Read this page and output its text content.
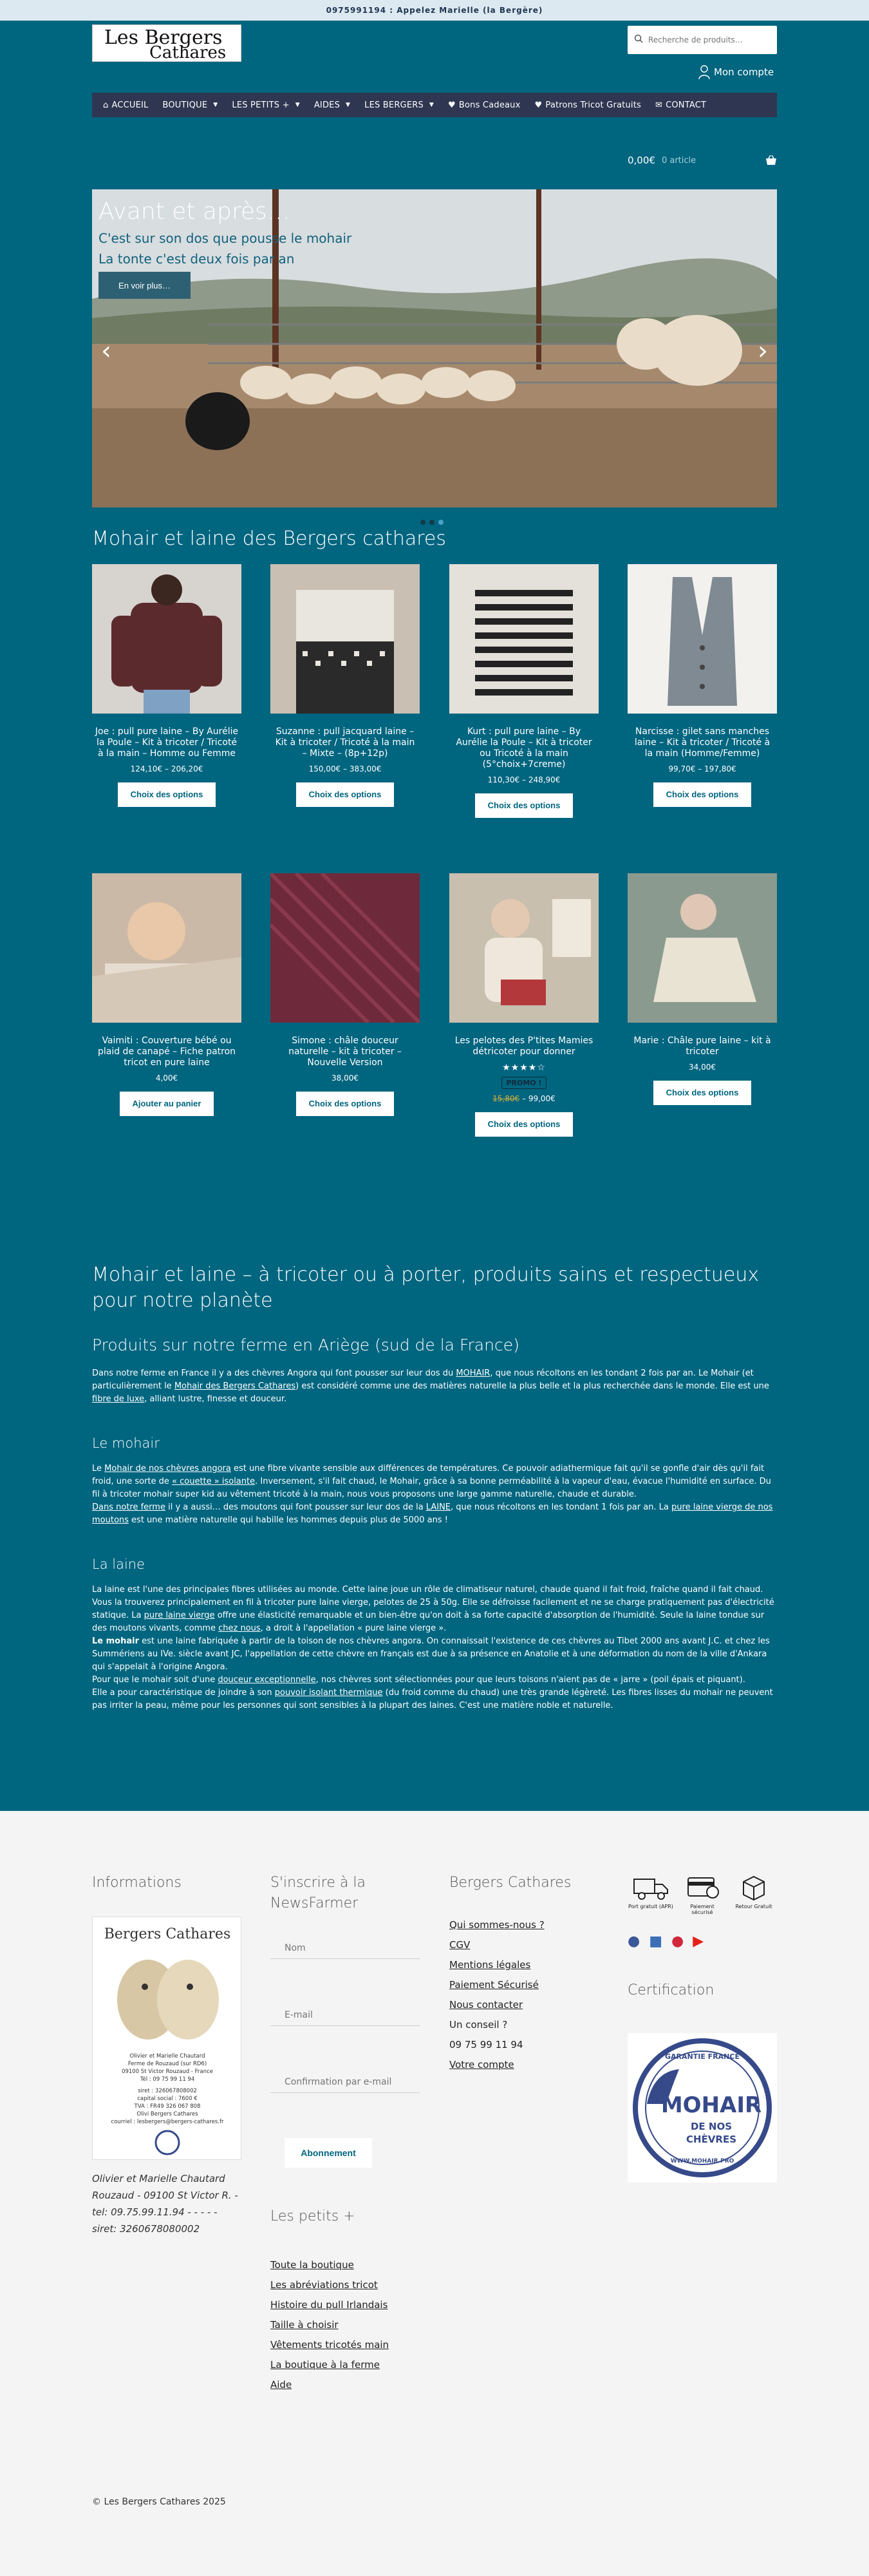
0975991194 : Appelez Marielle (la Bergère)
Les Bergers
Cathares
Recherche de produits…
Mon compte
⌂ ACCUEIL BOUTIQUE ▼ LES PETITS + ▼ AIDES ▼ LES BERGERS ▼ ♥ Bons Cadeaux ♥ Patrons Tricot Gratuits ✉ CONTACT
0,00€ 0 article
Avant et après…
C'est sur son dos que pousse le mohair
La tonte c'est deux fois par an
En voir plus…
‹	›
Mohair et laine des Bergers cathares
Joe : pull pure laine – By Aurélie la Poule – Kit à tricoter / Tricoté à la main – Homme ou Femme
124,10€ – 206,20€
Choix des options
Suzanne : pull jacquard laine – Kit à tricoter / Tricoté à la main – Mixte – (8p+12p)
150,00€ – 383,00€
Choix des options
Kurt : pull pure laine – By Aurélie la Poule – Kit à tricoter ou Tricoté à la main (5°choix+7creme)
110,30€ – 248,90€
Choix des options
Narcisse : gilet sans manches laine – Kit à tricoter / Tricoté à la main (Homme/Femme)
99,70€ – 197,80€
Choix des options
Vaimiti : Couverture bébé ou plaid de canapé – Fiche patron tricot en pure laine
4,00€
Ajouter au panier
Simone : châle douceur naturelle – kit à tricoter – Nouvelle Version
38,00€
Choix des options
Les pelotes des P'tites Mamies détricoter pour donner
★★★★☆
PROMO !
15,80€ – 99,00€
Choix des options
Marie : Châle pure laine – kit à tricoter
34,00€
Choix des options
Mohair et laine – à tricoter ou à porter, produits sains et respectueux pour notre planète
Produits sur notre ferme en Ariège (sud de la France)

Dans notre ferme en France il y a des chèvres Angora qui font pousser sur leur dos du MOHAIR, que nous récoltons en les tondant 2 fois par an. Le Mohair (et particulièrement le Mohair des Bergers Cathares) est considéré comme une des matières naturelle la plus belle et la plus recherchée dans le monde. Elle est une fibre de luxe, alliant lustre, finesse et douceur.

Le mohair

Le Mohair de nos chèvres angora est une fibre vivante sensible aux différences de températures. Ce pouvoir adiathermique fait qu'il se gonfle d'air dès qu'il fait froid, une sorte de « couette » isolante. Inversement, s'il fait chaud, le Mohair, grâce à sa bonne perméabilité à la vapeur d'eau, évacue l'humidité en surface. Du fil à tricoter mohair super kid au vêtement tricoté à la main, nous vous proposons une large gamme naturelle, chaude et durable.

Dans notre ferme il y a aussi… des moutons qui font pousser sur leur dos de la LAINE, que nous récoltons en les tondant 1 fois par an. La pure laine vierge de nos moutons est une matière naturelle qui habille les hommes depuis plus de 5000 ans !

La laine

La laine est l'une des principales fibres utilisées au monde. Cette laine joue un rôle de climatiseur naturel, chaude quand il fait froid, fraîche quand il fait chaud. Vous la trouverez principalement en fil à tricoter pure laine vierge, pelotes de 25 à 50g. Elle se défroisse facilement et ne se charge pratiquement pas d'électricité statique. La pure laine vierge offre une élasticité remarquable et un bien-être qu'on doit à sa forte capacité d'absorption de l'humidité. Seule la laine tondue sur des moutons vivants, comme chez nous, a droit à l'appellation « pure laine vierge ».

Le mohair est une laine fabriquée à partir de la toison de nos chèvres angora. On connaissait l'existence de ces chèvres au Tibet 2000 ans avant J.C. et chez les Summériens au IVe. siècle avant JC, l'appellation de cette chèvre en français est due à sa présence en Anatolie et à une déformation du nom de la ville d'Ankara qui s'appelait à l'origine Angora.

Pour que le mohair soit d'une douceur exceptionnelle, nos chèvres sont sélectionnées pour que leurs toisons n'aient pas de « jarre » (poil épais et piquant).

Elle a pour caractéristique de joindre à son pouvoir isolant thermique (du froid comme du chaud) une très grande légèreté. Les fibres lisses du mohair ne peuvent pas irriter la peau, même pour les personnes qui sont sensibles à la plupart des laines. C'est une matière noble et naturelle.

Informations
Bergers Cathares
Olivier et Marielle Chautard
Ferme de Rouzaud (sur RD6)
09100 St Victor Rouzaud - France
Tél : 09 75 99 11 94
siret : 326067808002
capital social : 7600 €
TVA : FR49 326 067 808
Olivi Bergers Cathares
courriel : lesbergers@bergers-cathares.fr
Olivier et Marielle Chautard Rouzaud - 09100 St Victor R. - tel: 09.75.99.11.94 - - - - - siret: 3260678080002
S'inscrire à la NewsFarmer
Nom E-mail Confirmation par e-mail Abonnement
Les petits +
Toute la boutique
Les abréviations tricot
Histoire du pull Irlandais
Taille à choisir
Vêtements tricotés main
La boutique à la ferme
Aide
Bergers Cathares
Qui sommes-nous ?
CGV
Mentions légales
Paiement Sécurisé
Nous contacter
Un conseil ?
09 75 99 11 94
Votre compte
Port gratuit (APR)	Paiement sécurisé
Retour Gratuit
● ■ ● ▶
Certification
GARANTIE FRANCE
MOHAIR
DE NOS
CHÈVRES
WWW.MOHAIR.PRO
© Les Bergers Cathares 2025
